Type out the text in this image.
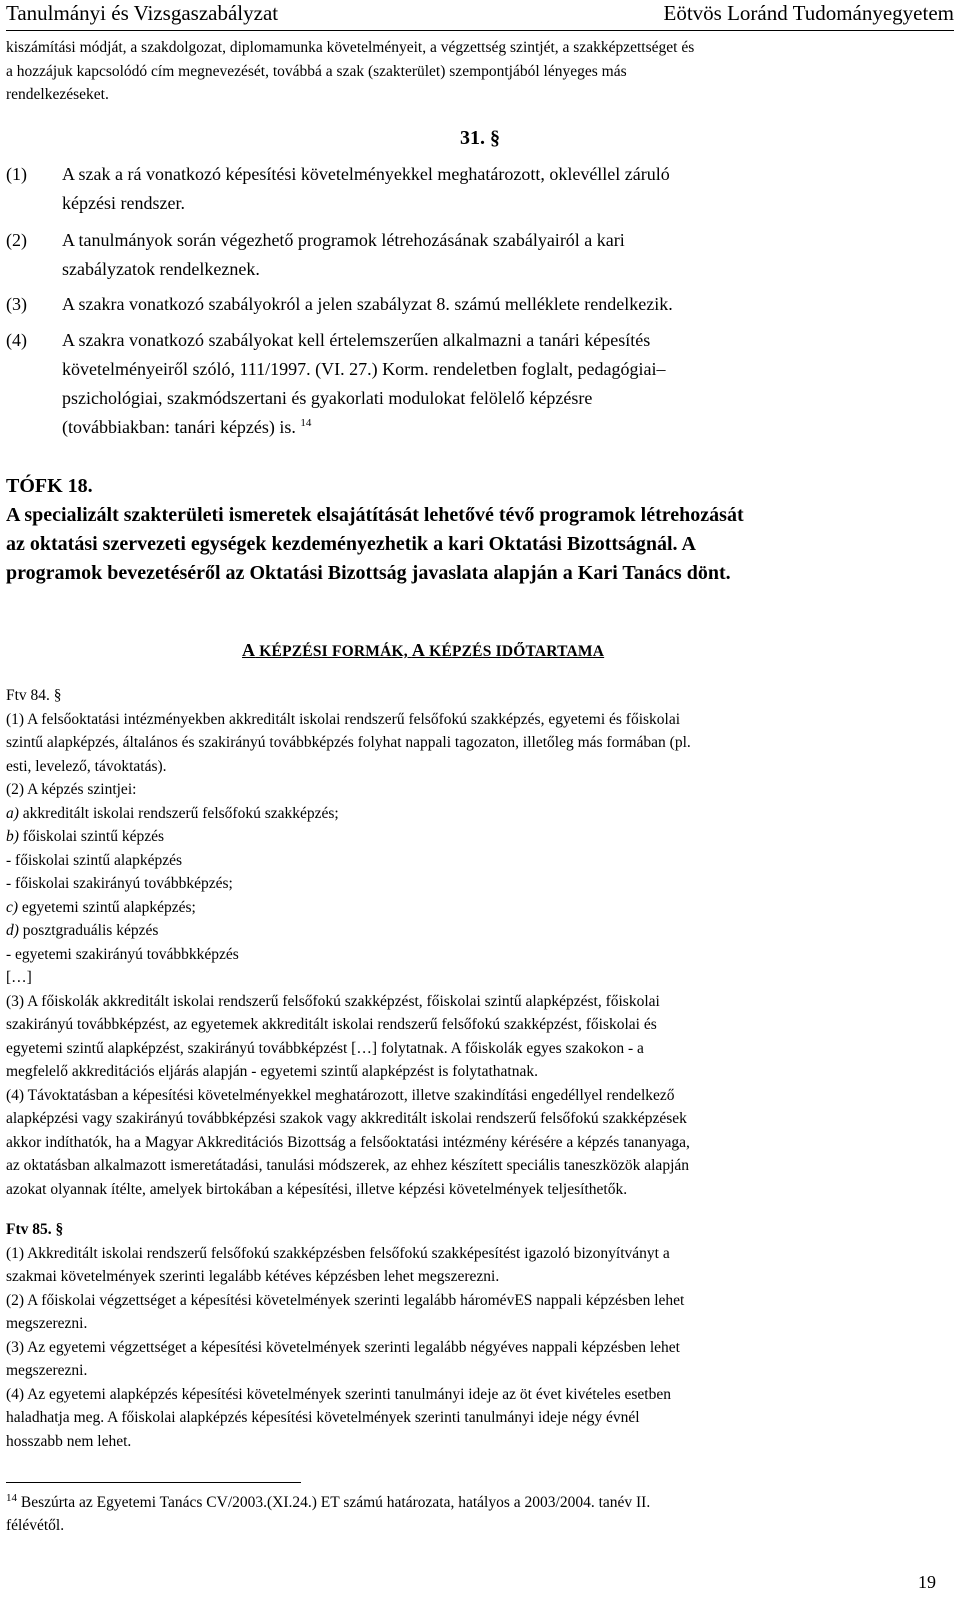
Tanulmányi és Vizsgaszabályzat	Eötvös Loránd Tudományegyetem
kiszámítási módját, a szakdolgozat, diplomamunka követelményeit, a végzettség szintjét, a szakképzettséget és
a hozzájuk kapcsolódó cím megnevezését, továbbá a szak (szakterület) szempontjából lényeges más
rendelkezéseket.
31. §
(1) A szak a rá vonatkozó képesítési követelményekkel meghatározott, oklevéllel záruló
képzési rendszer.
(2) A tanulmányok során végezhető programok létrehozásának szabályairól a kari
szabályzatok rendelkeznek.
(3) A szakra vonatkozó szabályokról a jelen szabályzat 8. számú melléklete rendelkezik.
(4) A szakra vonatkozó szabályokat kell értelemszerűen alkalmazni a tanári képesítés
követelményeiről szóló, 111/1997. (VI. 27.) Korm. rendeletben foglalt, pedagógiai–
pszichológiai, szakmódszertani és gyakorlati modulokat felölelő képzésre
(továbbiakban: tanári képzés) is. $^{14}$
TÓFK 18.
A specializált szakterületi ismeretek elsajátítását lehetővé tévő programok létrehozását
az oktatási szervezeti egységek kezdeményezhetik a kari Oktatási Bizottságnál. A
programok bevezetéséről az Oktatási Bizottság javaslata alapján a Kari Tanács dönt.
A KÉPZÉSI FORMÁK, A KÉPZÉS IDŐTARTAMA
Ftv 84. §
(1) A felsőoktatási intézményekben akkreditált iskolai rendszerű felsőfokú szakképzés, egyetemi és főiskolai
szintű alapképzés, általános és szakirányú továbbképzés folyhat nappali tagozaton, illetőleg más formában (pl.
esti, levelező, távoktatás).
(2) A képzés szintjei:
a) akkreditált iskolai rendszerű felsőfokú szakképzés;
b) főiskolai szintű képzés
- főiskolai szintű alapképzés
- főiskolai szakirányú továbbképzés;
c) egyetemi szintű alapképzés;
d) posztgraduális képzés
- egyetemi szakirányú továbbkképzés
[…]
(3) A főiskolák akkreditált iskolai rendszerű felsőfokú szakképzést, főiskolai szintű alapképzést, főiskolai
szakirányú továbbképzést, az egyetemek akkreditált iskolai rendszerű felsőfokú szakképzést, főiskolai és
egyetemi szintű alapképzést, szakirányú továbbképzést […] folytatnak. A főiskolák egyes szakokon - a
megfelelő akkreditációs eljárás alapján - egyetemi szintű alapképzést is folytathatnak.
(4) Távoktatásban a képesítési követelményekkel meghatározott, illetve szakindítási engedéllyel rendelkező
alapképzési vagy szakirányú továbbképzési szakok vagy akkreditált iskolai rendszerű felsőfokú szakképzések
akkor indíthatók, ha a Magyar Akkreditációs Bizottság a felsőoktatási intézmény kérésére a képzés tananyaga,
az oktatásban alkalmazott ismeretátadási, tanulási módszerek, az ehhez készített speciális taneszközök alapján
azokat olyannak ítélte, amelyek birtokában a képesítési, illetve képzési követelmények teljesíthetők.
Ftv 85. §
(1) Akkreditált iskolai rendszerű felsőfokú szakképzésben felsőfokú szakképesítést igazoló bizonyítványt a
szakmai követelmények szerinti legalább kétéves képzésben lehet megszerezni.
(2) A főiskolai végzettséget a képesítési követelmények szerinti legalább háromévES nappali képzésben lehet
megszerezni.
(3) Az egyetemi végzettséget a képesítési követelmények szerinti legalább négyéves nappali képzésben lehet
megszerezni.
(4) Az egyetemi alapképzés képesítési követelmények szerinti tanulmányi ideje az öt évet kivételes esetben
haladhatja meg. A főiskolai alapképzés képesítési követelmények szerinti tanulmányi ideje négy évnél
hosszabb nem lehet.
$^{14}$ Beszúrta az Egyetemi Tanács CV/2003.(XI.24.) ET számú határozata, hatályos a 2003/2004. tanév II.
félévétől.
19
